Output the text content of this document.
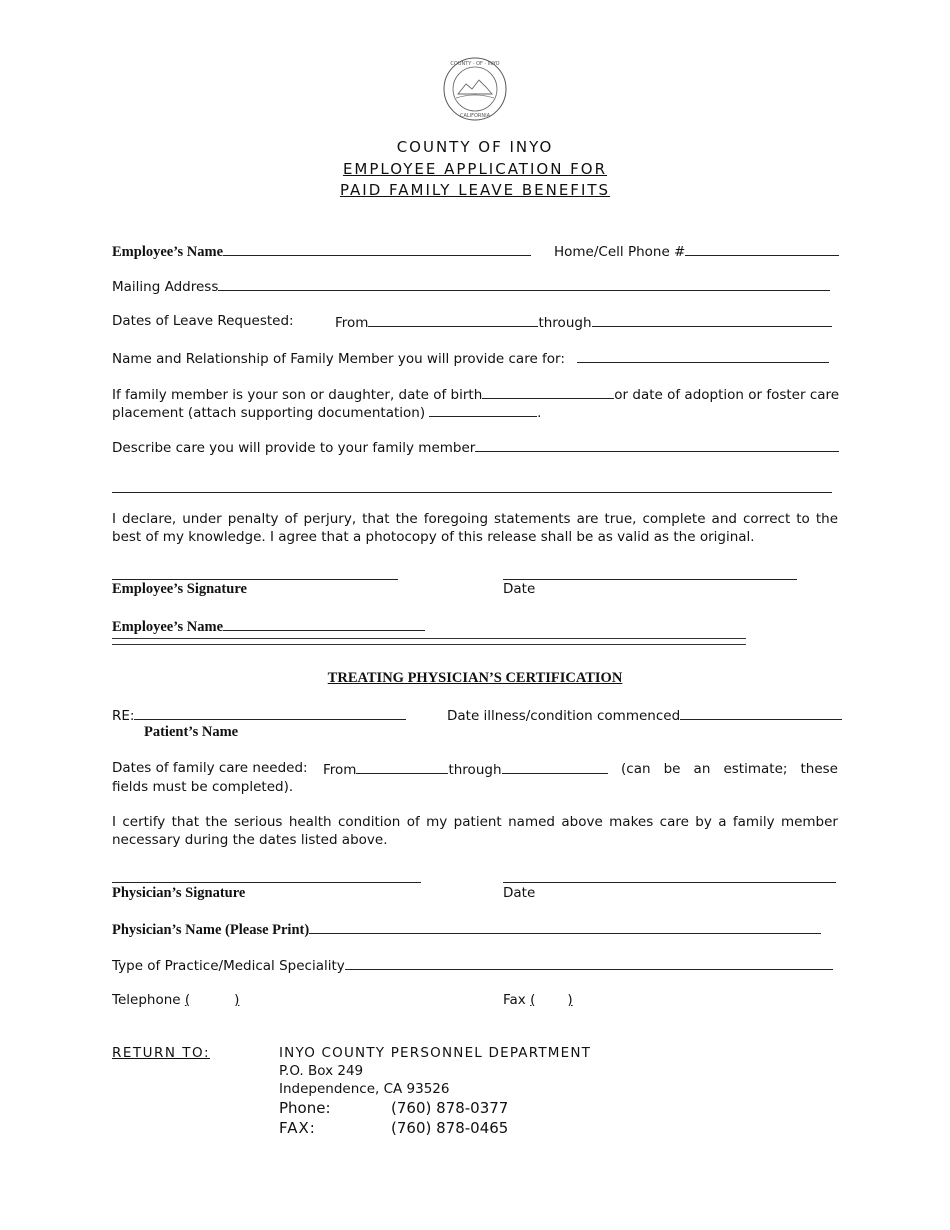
COUNTY · OF · INYO
CALIFORNIA
COUNTY OF INYO
EMPLOYEE APPLICATION FOR
PAID FAMILY LEAVE BENEFITS
Employee’s Name	Home/Cell Phone #
Mailing Address
Dates of Leave Requested:	From	through
Name and Relationship of Family Member you will provide care for:
If family member is your son or daughter, date of birth	or date of adoption or foster care
placement (attach supporting documentation)	.
Describe care you will provide to your family member
I declare, under penalty of perjury, that the foregoing statements are true, complete and correct to the best of my knowledge. I agree that a photocopy of this release shall be as valid as the original.
Employee’s Signature	Date
Employee’s Name
TREATING PHYSICIAN’S CERTIFICATION
RE:	Date illness/condition commenced
Patient’s Name
Dates of family care needed: From	through	(can be an estimate; these fields must be completed).
I certify that the serious health condition of my patient named above makes care by a family member necessary during the dates listed above.
Physician’s Signature	Date
Physician’s Name (Please Print)
Type of Practice/Medical Speciality
Telephone (	)	Fax ( )
RETURN TO:	INYO COUNTY PERSONNEL DEPARTMENT
P.O. Box 249
Independence, CA 93526
Phone:	(760) 878-0377
FAX:	(760) 878-0465
